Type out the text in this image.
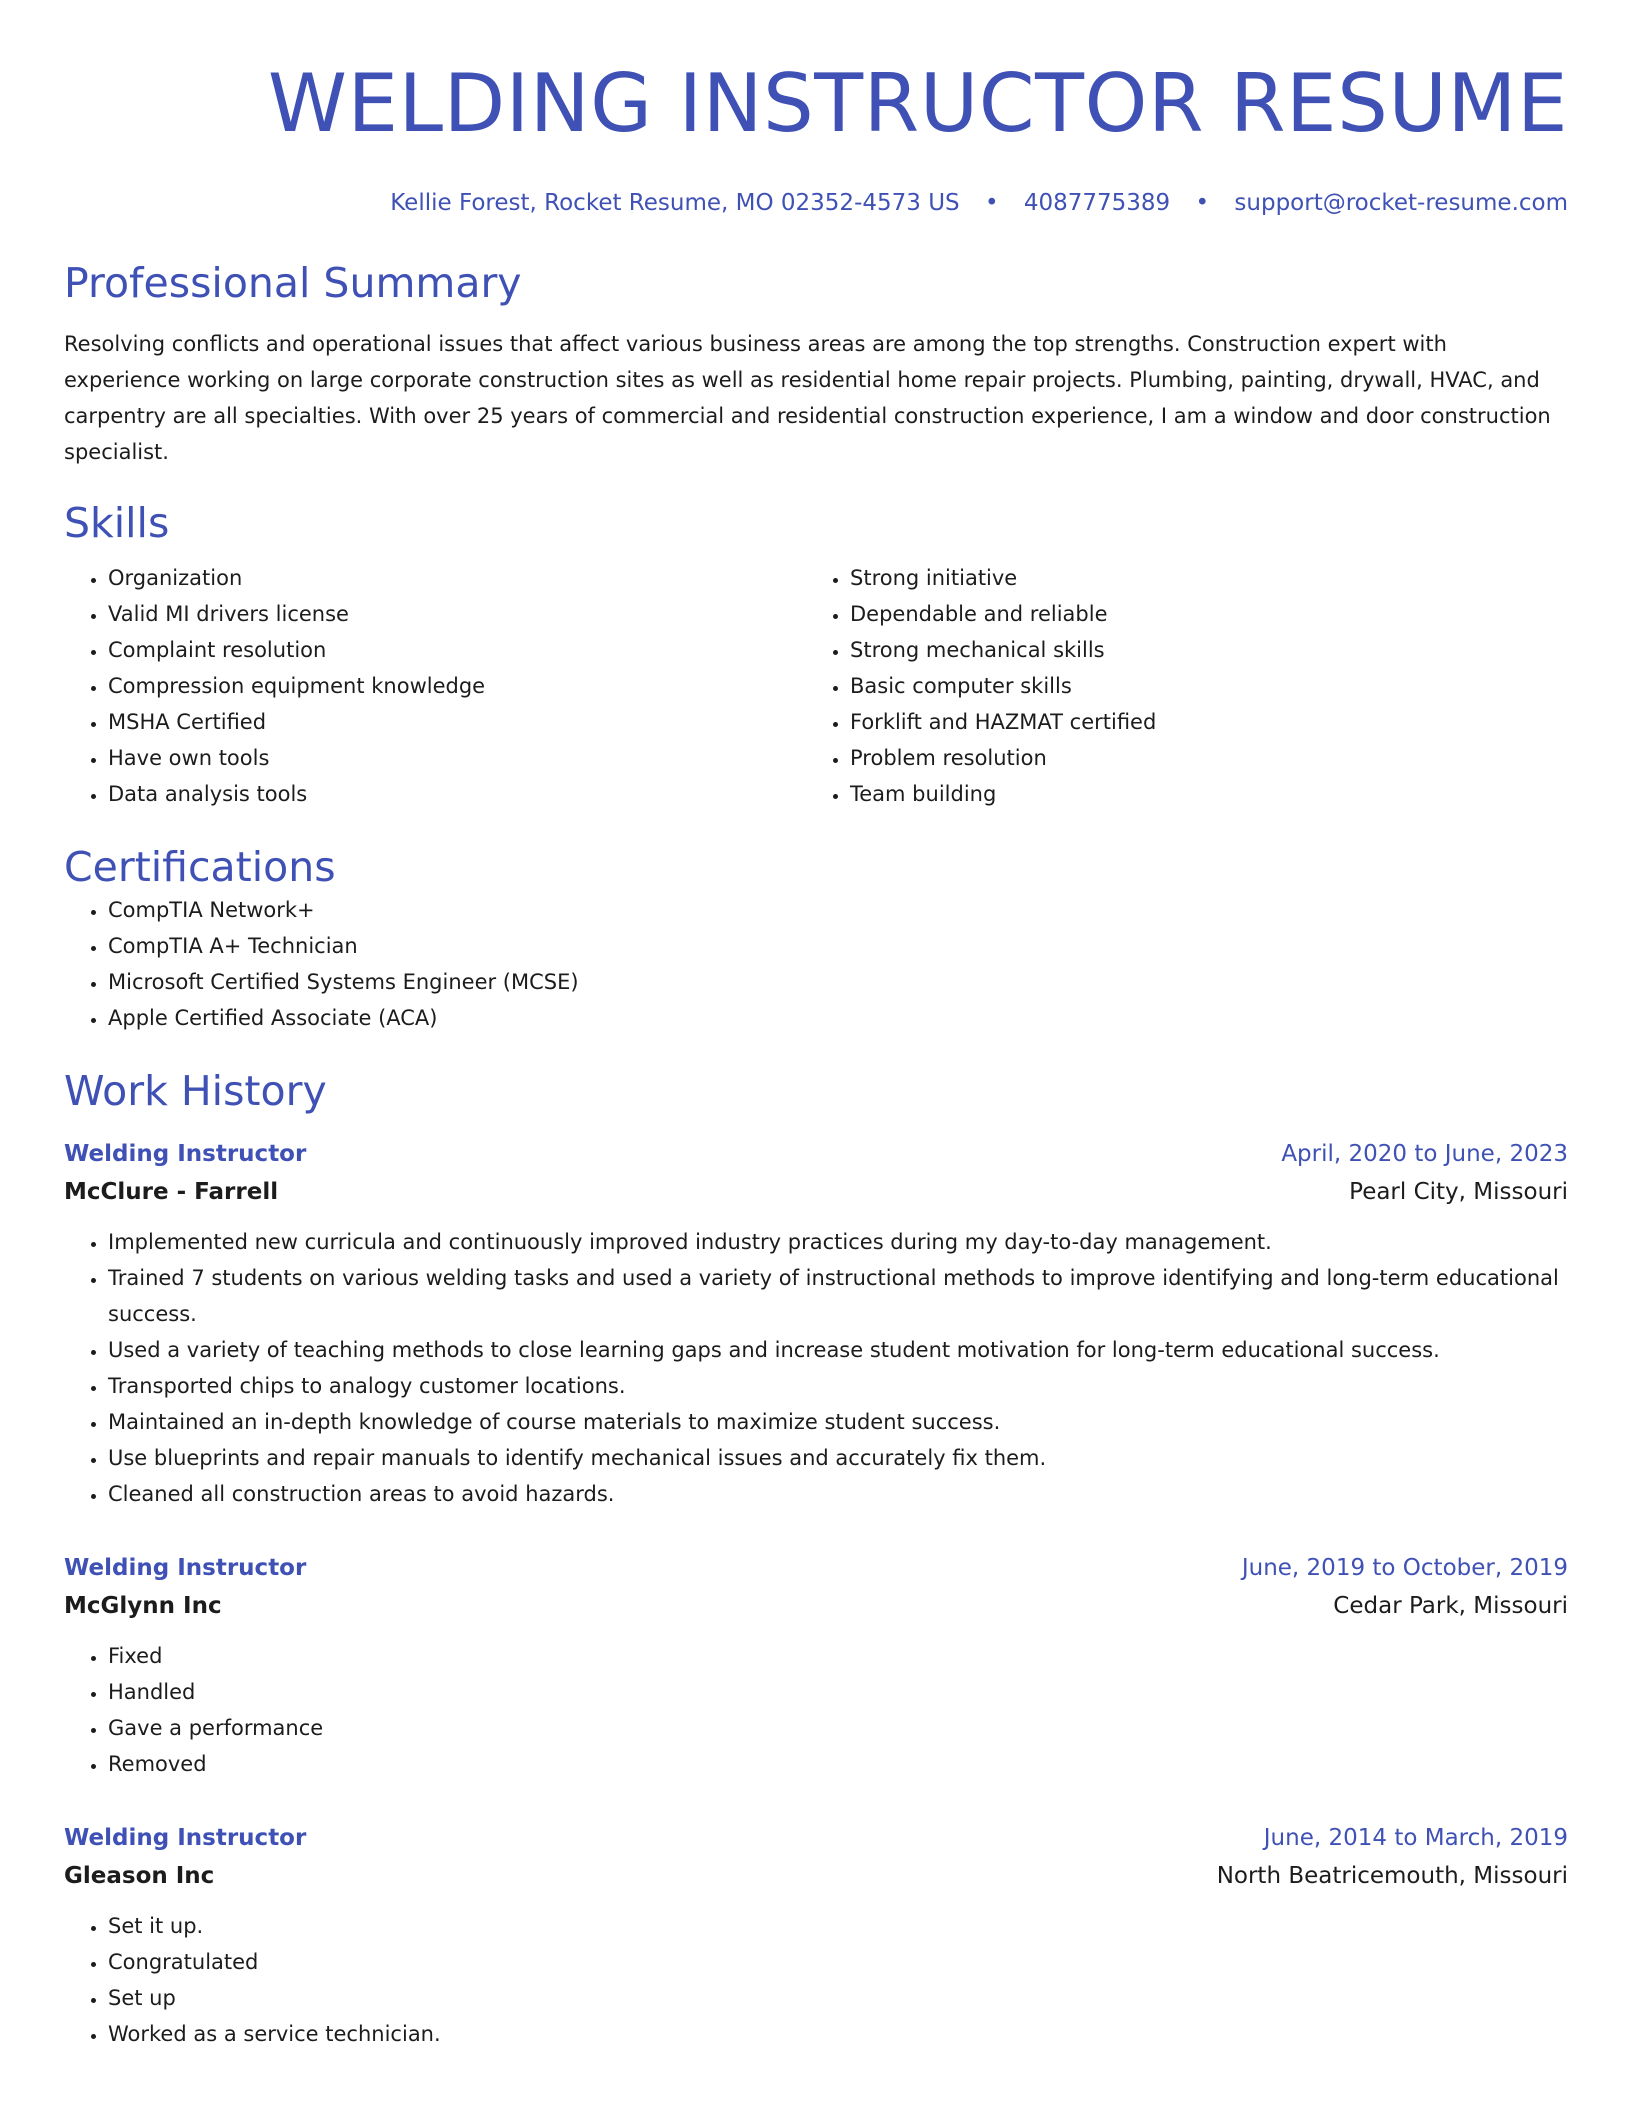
WELDING INSTRUCTOR RESUME
Kellie Forest, Rocket Resume, MO 02352-4573 US • 4087775389 • support@rocket-resume.com
Professional Summary
Resolving conflicts and operational issues that affect various business areas are among the top strengths. Construction expert with experience working on large corporate construction sites as well as residential home repair projects. Plumbing, painting, drywall, HVAC, and carpentry are all specialties. With over 25 years of commercial and residential construction experience, I am a window and door construction specialist.
Skills
• Organization
• Valid MI drivers license
• Complaint resolution
• Compression equipment knowledge
• MSHA Certified
• Have own tools
• Data analysis tools
• Strong initiative
• Dependable and reliable
• Strong mechanical skills
• Basic computer skills
• Forklift and HAZMAT certified
• Problem resolution
• Team building
Certifications
• CompTIA Network+
• CompTIA A+ Technician
• Microsoft Certified Systems Engineer (MCSE)
• Apple Certified Associate (ACA)
Work History
Welding Instructor	April, 2020 to June, 2023
McClure - Farrell	Pearl City, Missouri
• Implemented new curricula and continuously improved industry practices during my day-to-day management.
• Trained 7 students on various welding tasks and used a variety of instructional methods to improve identifying and long-term educational success.
• Used a variety of teaching methods to close learning gaps and increase student motivation for long-term educational success.
• Transported chips to analogy customer locations.
• Maintained an in-depth knowledge of course materials to maximize student success.
• Use blueprints and repair manuals to identify mechanical issues and accurately fix them.
• Cleaned all construction areas to avoid hazards.
Welding Instructor	June, 2019 to October, 2019
McGlynn Inc	Cedar Park, Missouri
• Fixed
• Handled
• Gave a performance
• Removed
Welding Instructor	June, 2014 to March, 2019
Gleason Inc	North Beatricemouth, Missouri
• Set it up.
• Congratulated
• Set up
• Worked as a service technician.
